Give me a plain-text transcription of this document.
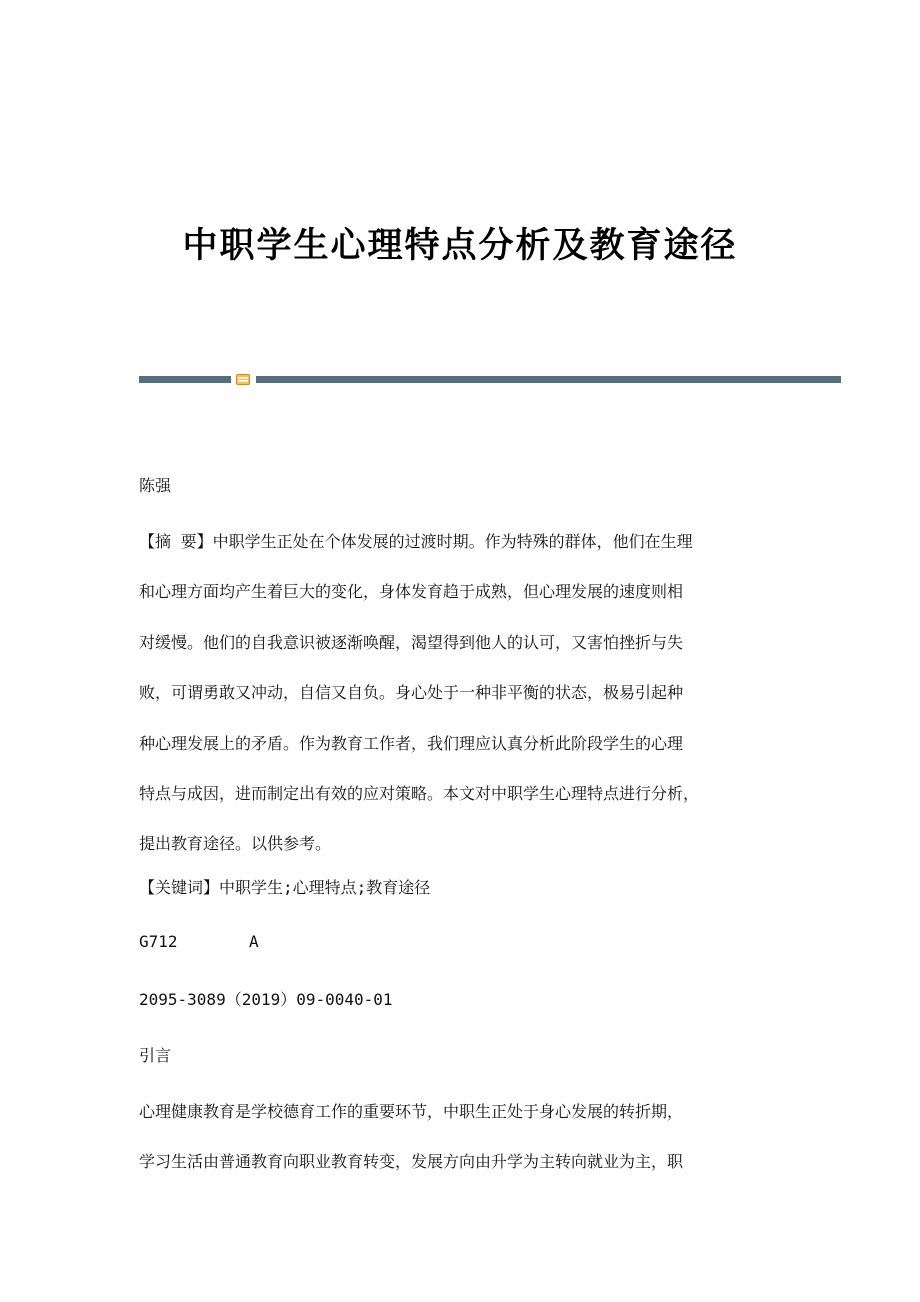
中职学生心理特点分析及教育途径

陈强

【摘 要】中职学生正处在个体发展的过渡时期。作为特殊的群体，他们在生理

和心理方面均产生着巨大的变化，身体发育趋于成熟，但心理发展的速度则相

对缓慢。他们的自我意识被逐渐唤醒，渴望得到他人的认可，又害怕挫折与失

败，可谓勇敢又冲动，自信又自负。身心处于一种非平衡的状态，极易引起种

种心理发展上的矛盾。作为教育工作者，我们理应认真分析此阶段学生的心理

特点与成因，进而制定出有效的应对策略。本文对中职学生心理特点进行分析，

提出教育途径。以供参考。

【关键词】中职学生;心理特点;教育途径

G712	A

2095-3089（2019）09-0040-01

引言

心理健康教育是学校德育工作的重要环节，中职生正处于身心发展的转折期，

学习生活由普通教育向职业教育转变，发展方向由升学为主转向就业为主，职
